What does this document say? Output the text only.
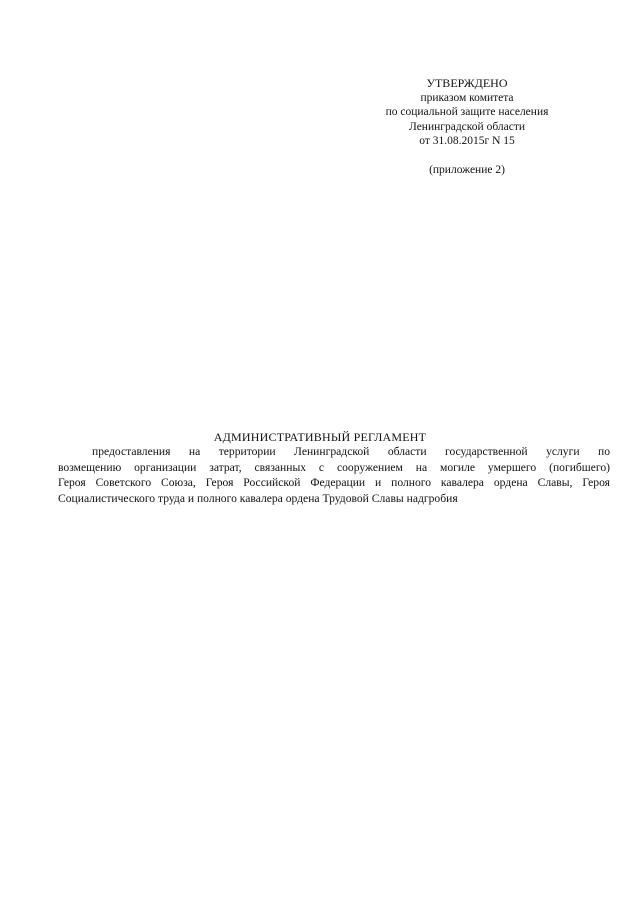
УТВЕРЖДЕНО
приказом комитета
по социальной защите населения
Ленинградской области
от 31.08.2015г N 15
(приложение 2)
АДМИНИСТРАТИВНЫЙ РЕГЛАМЕНТ
предоставления на территории Ленинградской области государственной услуги по
возмещению организации затрат, связанных с сооружением на могиле умершего (погибшего)
Героя Советского Союза, Героя Российской Федерации и полного кавалера ордена Славы, Героя
Социалистического труда и полного кавалера ордена Трудовой Славы надгробия
